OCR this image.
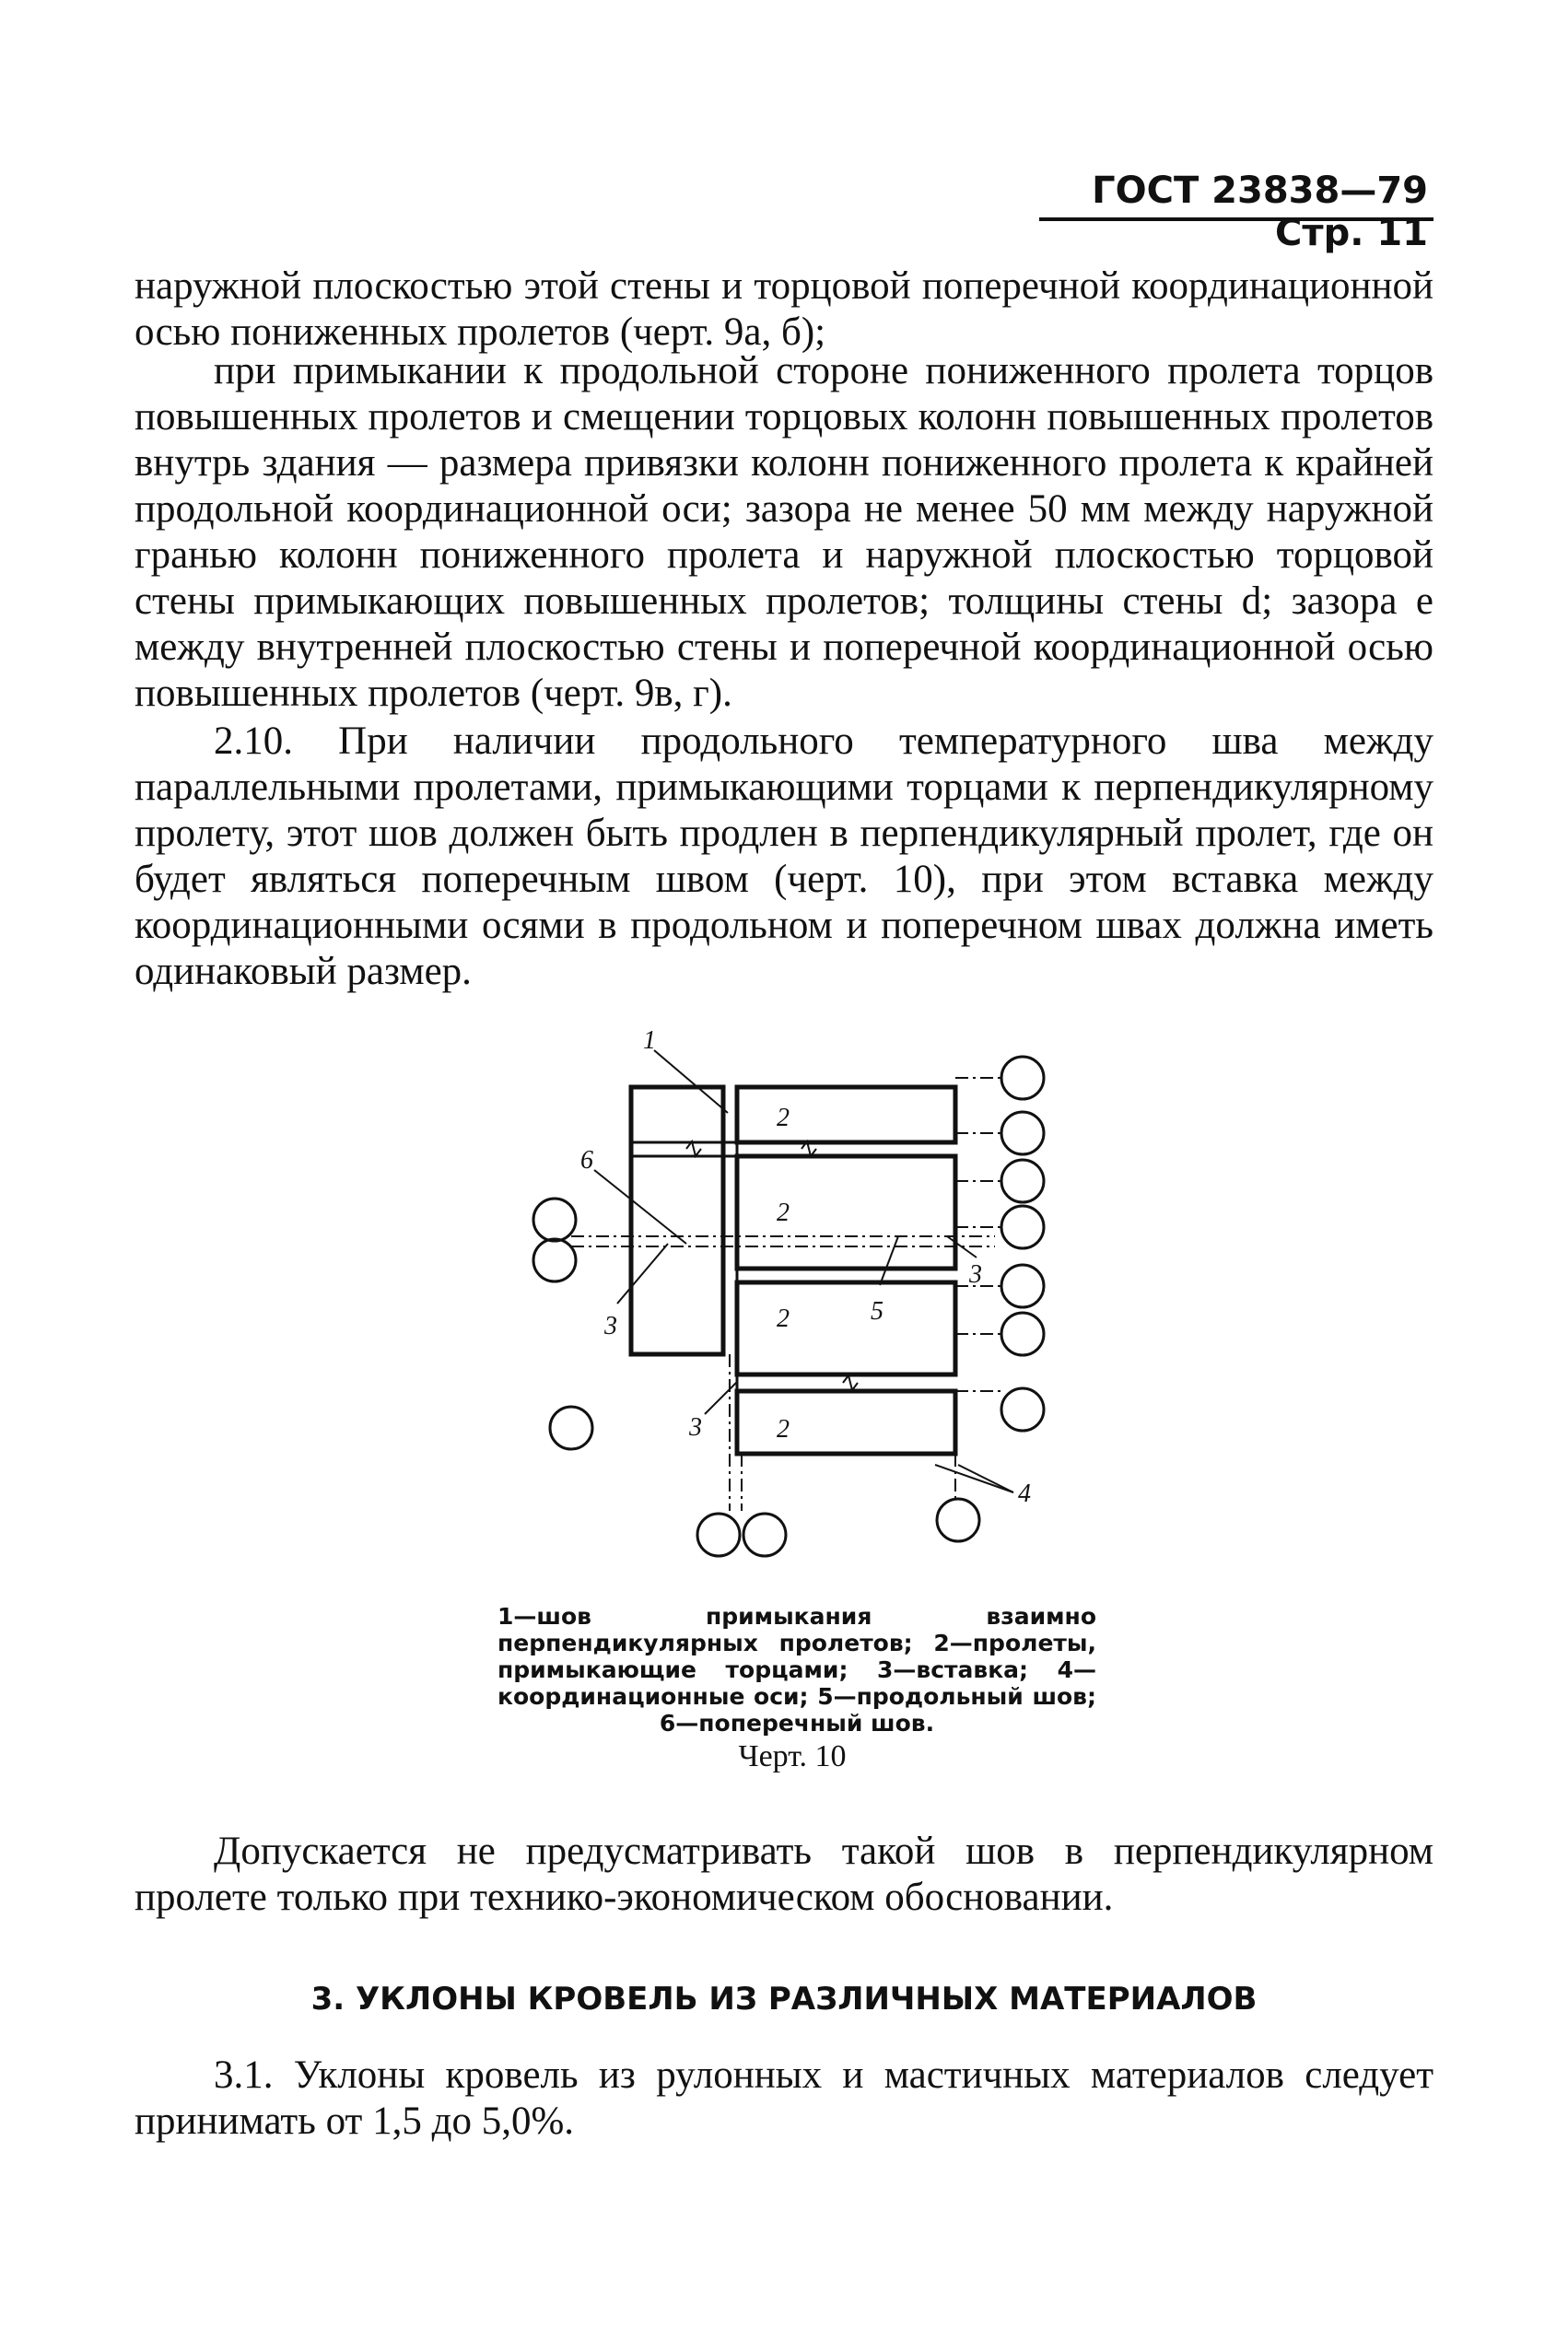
ГОСТ 23838—79 Стр. 11

наружной плоскостью этой стены и торцовой поперечной координационной осью пониженных пролетов (черт. 9а, б);

при примыкании к продольной стороне пониженного пролета торцов повышенных пролетов и смещении торцовых колонн повышенных пролетов внутрь здания — размера привязки колонн пониженного пролета к крайней продольной координационной оси; зазора не менее 50 мм между наружной гранью колонн пониженного пролета и наружной плоскостью торцовой стены примыкающих повышенных пролетов; толщины стены d; зазора е между внутренней плоскостью стены и поперечной координационной осью повышенных пролетов (черт. 9в, г).

2.10. При наличии продольного температурного шва между параллельными пролетами, примыкающими торцами к перпендикулярному пролету, этот шов должен быть продлен в перпендикулярный пролет, где он будет являться поперечным швом (черт. 10), при этом вставка между координационными осями в продольном и поперечном швах должна иметь одинаковый размер.

1
2
2
2
2
6
3
3
3
5
4
1—шов примыкания взаимно перпендикулярных пролетов; 2—пролеты, примыкающие торцами; 3—вставка; 4—координационные оси; 5—продольный шов; 6—поперечный шов.
Черт. 10

Допускается не предусматривать такой шов в перпендикулярном пролете только при технико-экономическом обосновании.

3. УКЛОНЫ КРОВЕЛЬ ИЗ РАЗЛИЧНЫХ МАТЕРИАЛОВ

3.1. Уклоны кровель из рулонных и мастичных материалов следует принимать от 1,5 до 5,0%.
